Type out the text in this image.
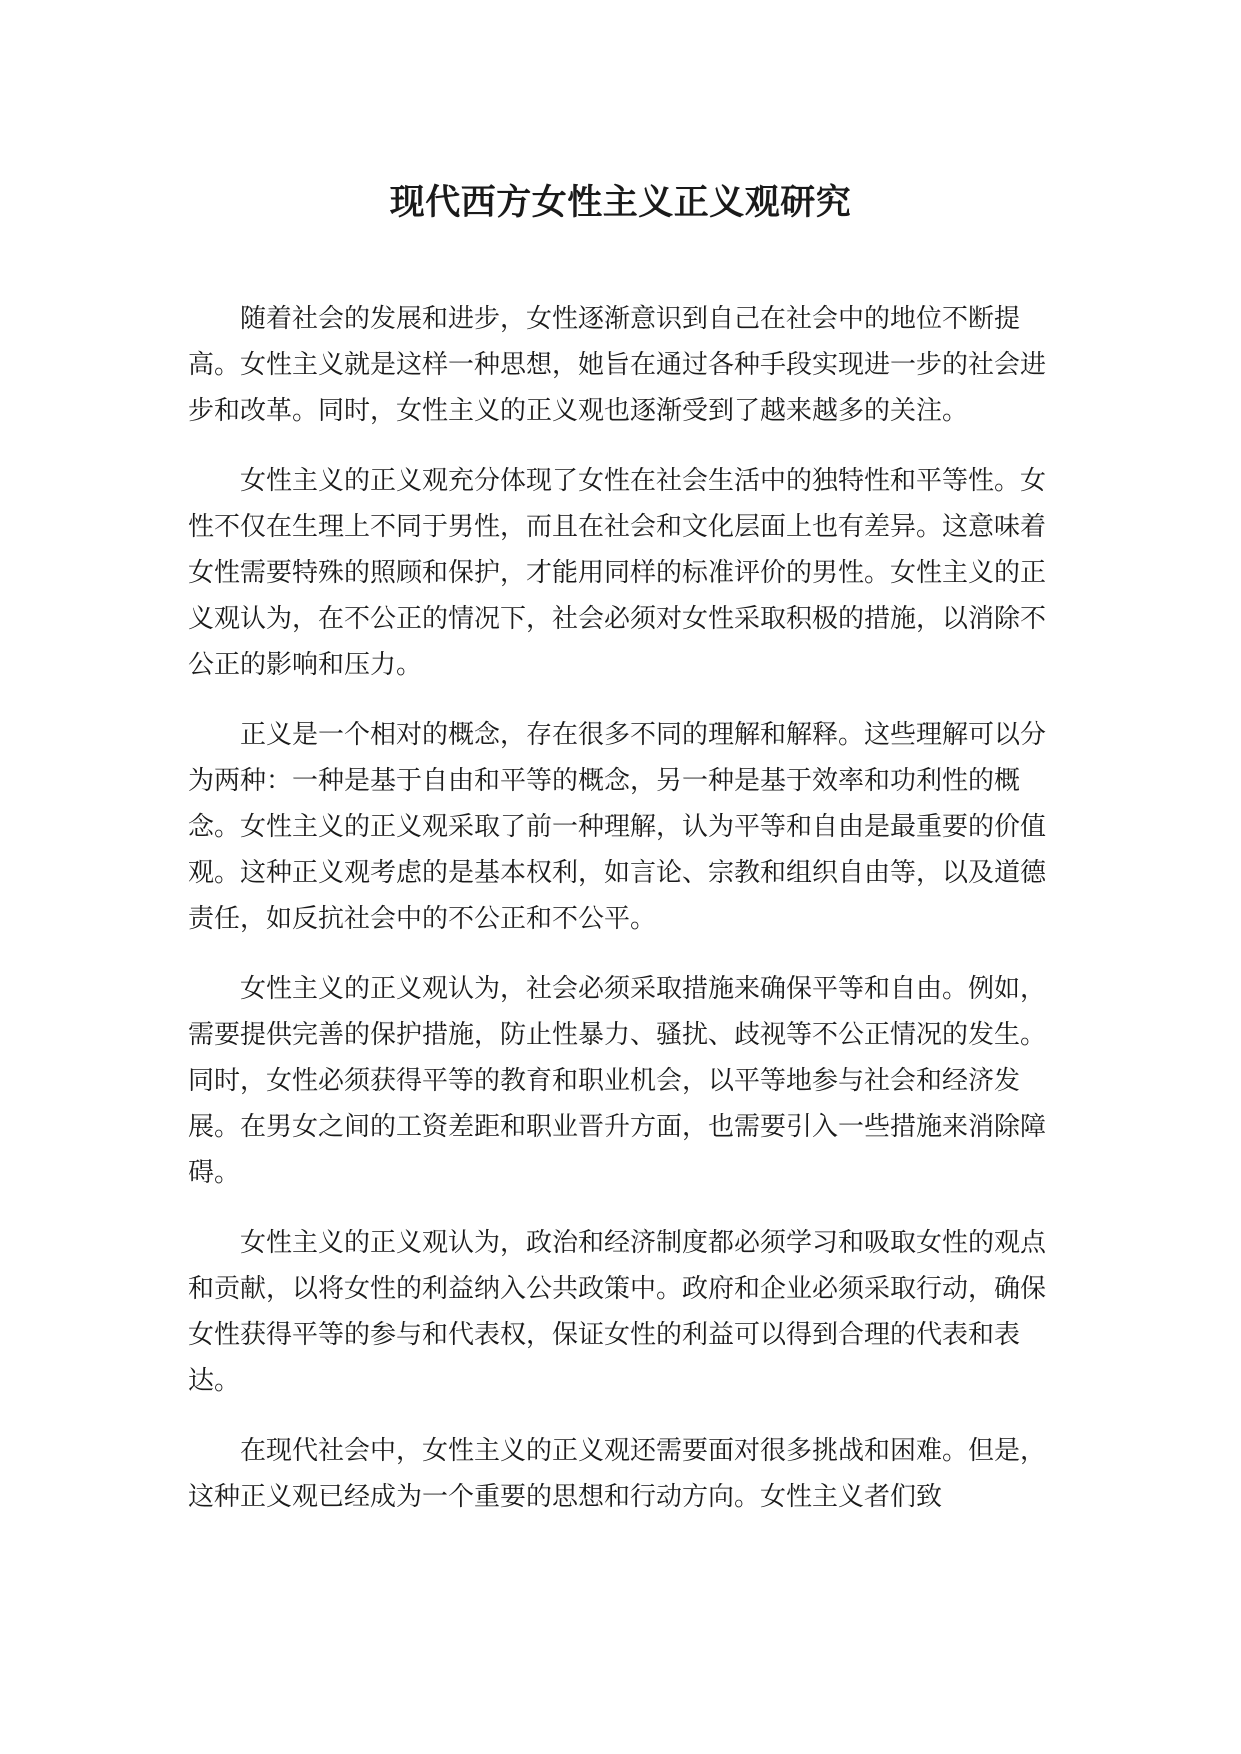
现代西方女性主义正义观研究

随着社会的发展和进步，女性逐渐意识到自己在社会中的地位不断提高。女性主义就是这样一种思想，她旨在通过各种手段实现进一步的社会进步和改革。同时，女性主义的正义观也逐渐受到了越来越多的关注。

女性主义的正义观充分体现了女性在社会生活中的独特性和平等性。女性不仅在生理上不同于男性，而且在社会和文化层面上也有差异。这意味着女性需要特殊的照顾和保护，才能用同样的标准评价的男性。女性主义的正义观认为，在不公正的情况下，社会必须对女性采取积极的措施，以消除不公正的影响和压力。

正义是一个相对的概念，存在很多不同的理解和解释。这些理解可以分为两种：一种是基于自由和平等的概念，另一种是基于效率和功利性的概念。女性主义的正义观采取了前一种理解，认为平等和自由是最重要的价值观。这种正义观考虑的是基本权利，如言论、宗教和组织自由等，以及道德责任，如反抗社会中的不公正和不公平。

女性主义的正义观认为，社会必须采取措施来确保平等和自由。例如，需要提供完善的保护措施，防止性暴力、骚扰、歧视等不公正情况的发生。同时，女性必须获得平等的教育和职业机会，以平等地参与社会和经济发展。在男女之间的工资差距和职业晋升方面，也需要引入一些措施来消除障碍。

女性主义的正义观认为，政治和经济制度都必须学习和吸取女性的观点和贡献，以将女性的利益纳入公共政策中。政府和企业必须采取行动，确保女性获得平等的参与和代表权，保证女性的利益可以得到合理的代表和表达。

在现代社会中，女性主义的正义观还需要面对很多挑战和困难。但是，这种正义观已经成为一个重要的思想和行动方向。女性主义者们致
